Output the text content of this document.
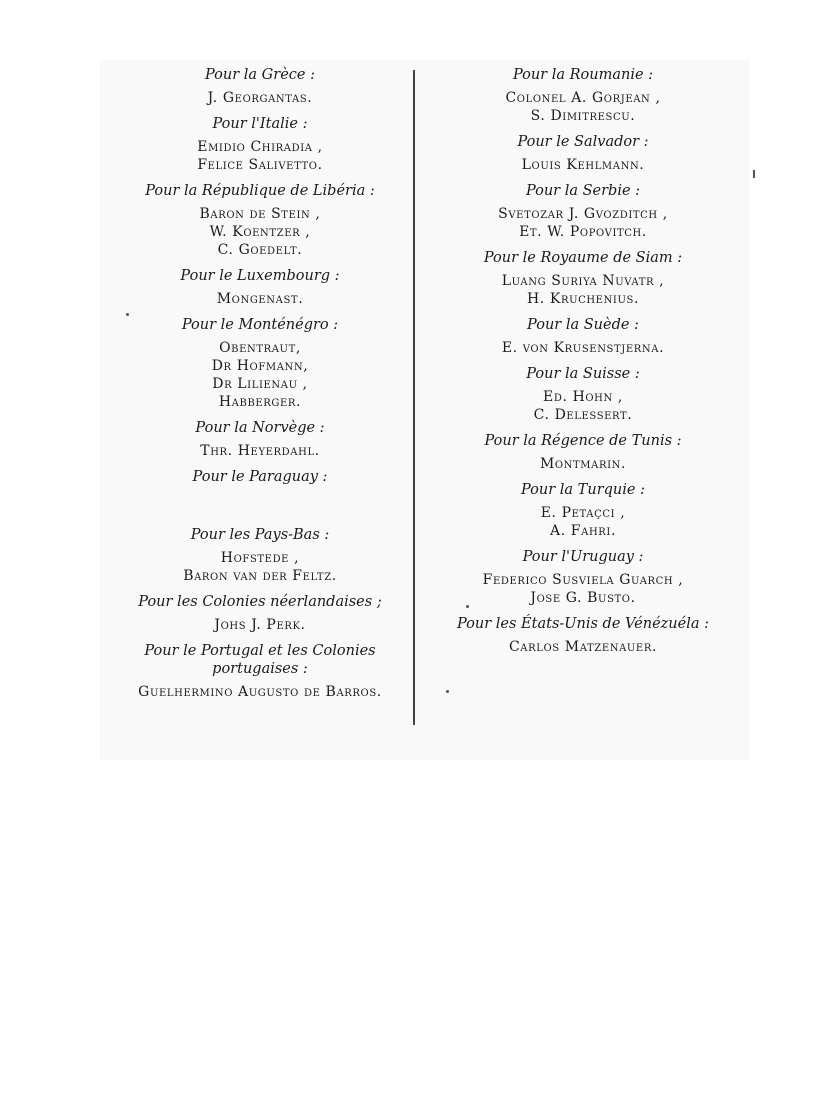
Pour la Grèce :

J. Georgantas.

Pour l'Italie :

Emidio Chiradia ,
Felice Salivetto.

Pour la République de Libéria :

Baron de Stein ,
W. Koentzer ,
C. Goedelt.

Pour le Luxembourg :

Mongenast.

Pour le Monténégro :

Obentraut,
Dr Hofmann,
Dr Lilienau ,
Habberger.

Pour la Norvège :

Thr. Heyerdahl.

Pour le Paraguay :

Pour les Pays-Bas :

Hofstede ,
Baron van der Feltz.

Pour les Colonies néerlandaises ;

Johs J. Perk.

Pour le Portugal et les Colonies portugaises :

Guelhermino Augusto de Barros.

Pour la Roumanie :

Colonel A. Gorjean ,
S. Dimitrescu.

Pour le Salvador :

Louis Kehlmann.

Pour la Serbie :

Svetozar J. Gvozditch ,
Et. W. Popovitch.

Pour le Royaume de Siam :

Luang Suriya Nuvatr ,
H. Kruchenius.

Pour la Suède :

E. von Krusenstjerna.

Pour la Suisse :

Ed. Hohn ,
C. Delessert.

Pour la Régence de Tunis :

Montmarin.

Pour la Turquie :

E. Petaçci ,
A. Fahri.

Pour l'Uruguay :

Federico Susviela Guarch ,
Jose G. Busto.

Pour les États-Unis de Vénézuéla :

Carlos Matzenauer.
